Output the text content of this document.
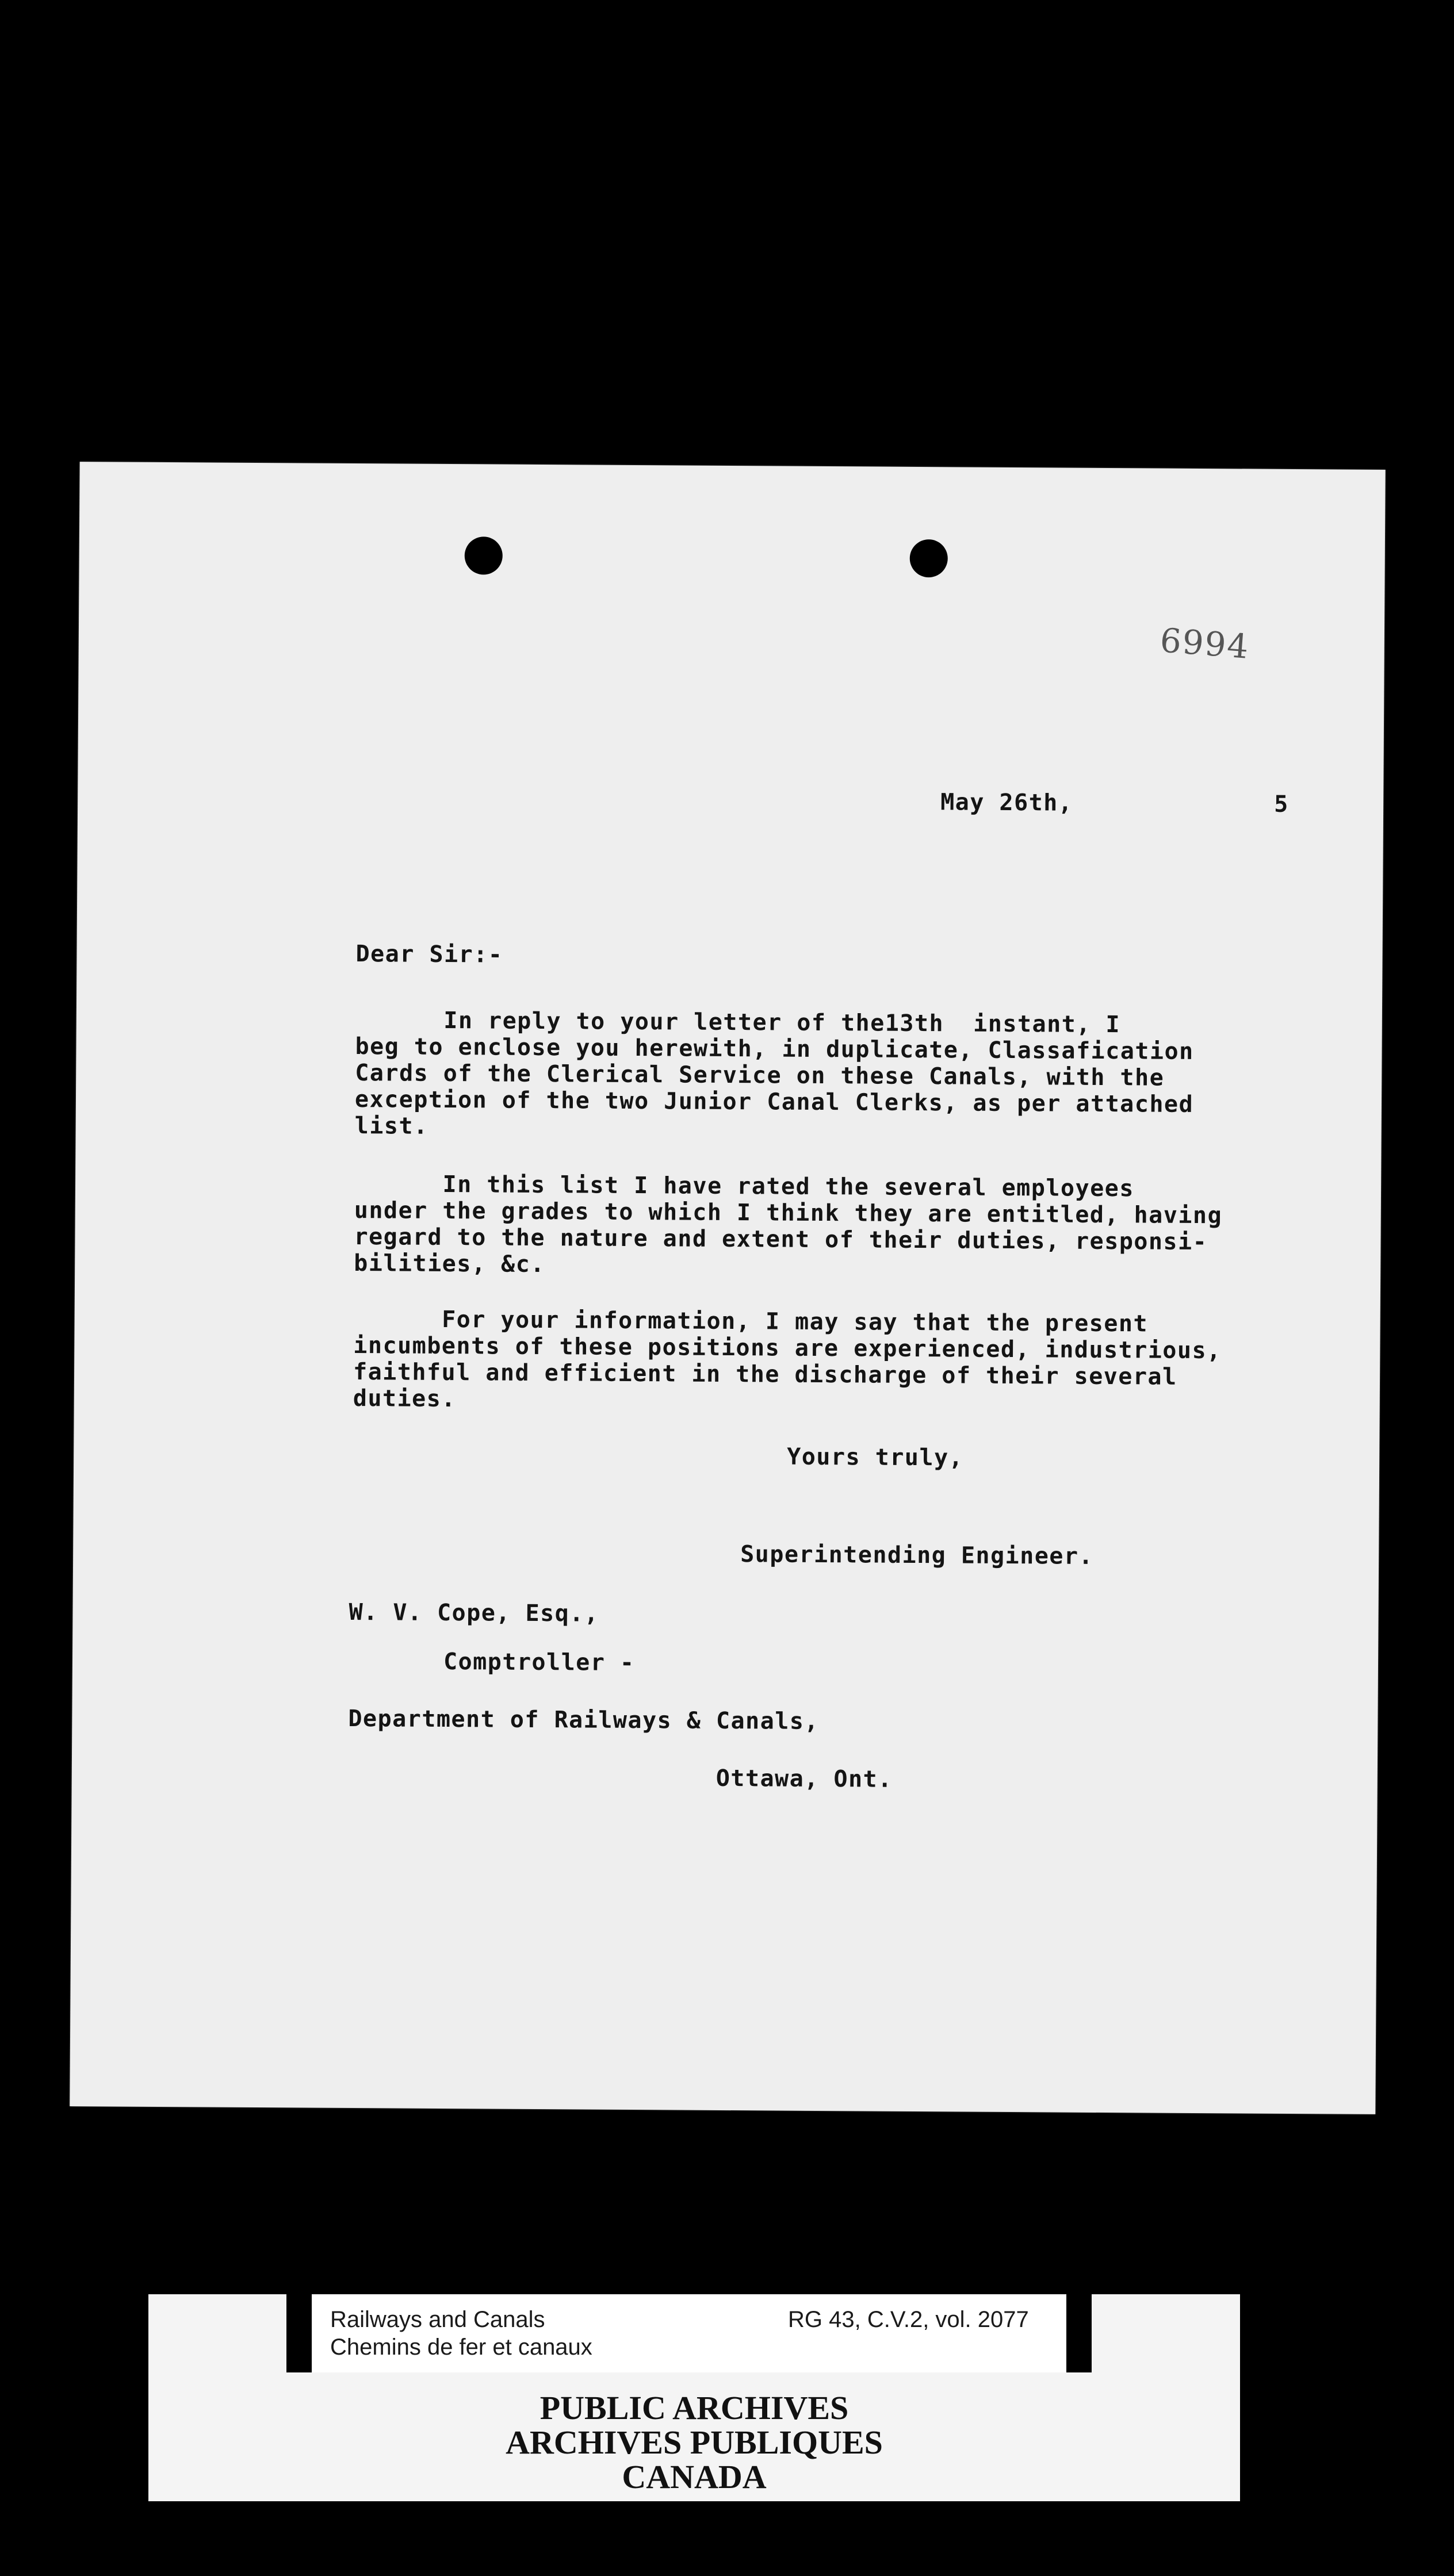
6994
May 26th,	5
Dear Sir:-
In reply to your letter of the13th  instant, I
beg to enclose you herewith, in duplicate, Classafication
Cards of the Clerical Service on these Canals, with the
exception of the two Junior Canal Clerks, as per attached
list.
In this list I have rated the several employees
under the grades to which I think they are entitled, having
regard to the nature and extent of their duties, responsi-
bilities, &c.
For your information, I may say that the present
incumbents of these positions are experienced, industrious,
faithful and efficient in the discharge of their several
duties.
Yours truly,
Superintending Engineer.
W. V. Cope, Esq.,
Comptroller -
Department of Railways & Canals,
Ottawa, Ont.
Railways and Canals
Chemins de fer et canaux
RG 43, C.V.2, vol. 2077
PUBLIC ARCHIVES
ARCHIVES PUBLIQUES
CANADA
